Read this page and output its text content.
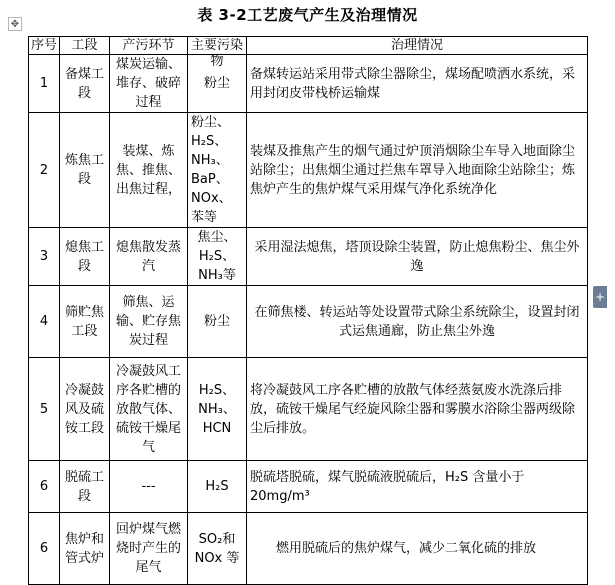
表 3-2工艺废气产生及治理情况
✥
序号	工段	产污环节	主要污染物	治理情况
1	备煤工段	煤炭运输、堆存、破碎过程	粉尘	备煤转运站采用带式除尘器除尘，煤场配喷洒水系统，采用封闭皮带栈桥运输煤
2	炼焦工段	装煤、炼焦、推焦、出焦过程，	粉尘、H₂S、NH₃、BaP、NOx、苯等	装煤及推焦产生的烟气通过炉顶消烟除尘车导入地面除尘站除尘；出焦烟尘通过拦焦车罩导入地面除尘站除尘；炼焦炉产生的焦炉煤气采用煤气净化系统净化
3	熄焦工段	熄焦散发蒸汽	焦尘、H₂S、NH₃等	采用湿法熄焦，塔顶设除尘装置，防止熄焦粉尘、焦尘外逸
4	筛贮焦工段	筛焦、运输、贮存焦炭过程	粉尘	在筛焦楼、转运站等处设置带式除尘系统除尘，设置封闭式运焦通廊，防止焦尘外逸
5	冷凝鼓风及硫铵工段	冷凝鼓风工序各贮槽的放散气体、硫铵干燥尾气	H₂S、NH₃、HCN	将冷凝鼓风工序各贮槽的放散气体经蒸氨废水洗涤后排放，硫铵干燥尾气经旋风除尘器和雾膜水浴除尘器两级除尘后排放。
6	脱硫工段	---	H₂S	脱硫塔脱硫，煤气脱硫液脱硫后，H₂S 含量小于20mg/m³
6	焦炉和管式炉	回炉煤气燃烧时产生的尾气	SO₂和 NOx 等	燃用脱硫后的焦炉煤气，减少二氧化硫的排放
+
